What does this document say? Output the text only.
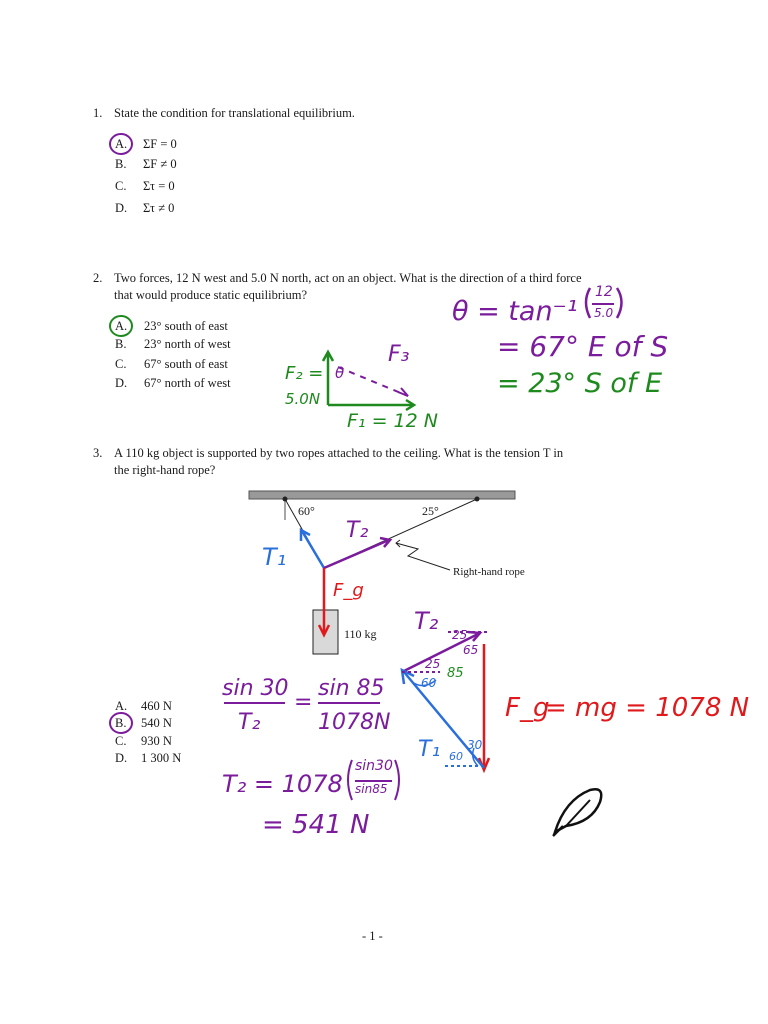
1. State the condition for translational equilibrium.
A. ΣF = 0
B. ΣF ≠ 0
C. Στ = 0
D. Στ ≠ 0
2. Two forces, 12 N west and 5.0 N north, act on an object. What is the direction of a third force
that would produce static equilibrium?
A. 23° south of east
B. 23° north of west
C. 67° south of east
D. 67° north of west
θ = tan⁻¹
12
5.0
= 67° E of S
= 23° S of E
F₂ =
5.0N
F₁ = 12 N
F₃
θ
3. A 110 kg object is supported by two ropes attached to the ceiling. What is the tension T in
the right-hand rope?
60°	25°
Right-hand rope
110 kg
A. 460 N
B. 540 N
C. 930 N
D. 1 300 N
T₁
T₂
F_g
sin 30
T₂
=
sin 85
1078N
T₂ = 1078
sin30
sin85
= 541 N
F_g
= mg = 1078 N
T₂
T₁
25
65
25
85
60
60
30
- 1 -
